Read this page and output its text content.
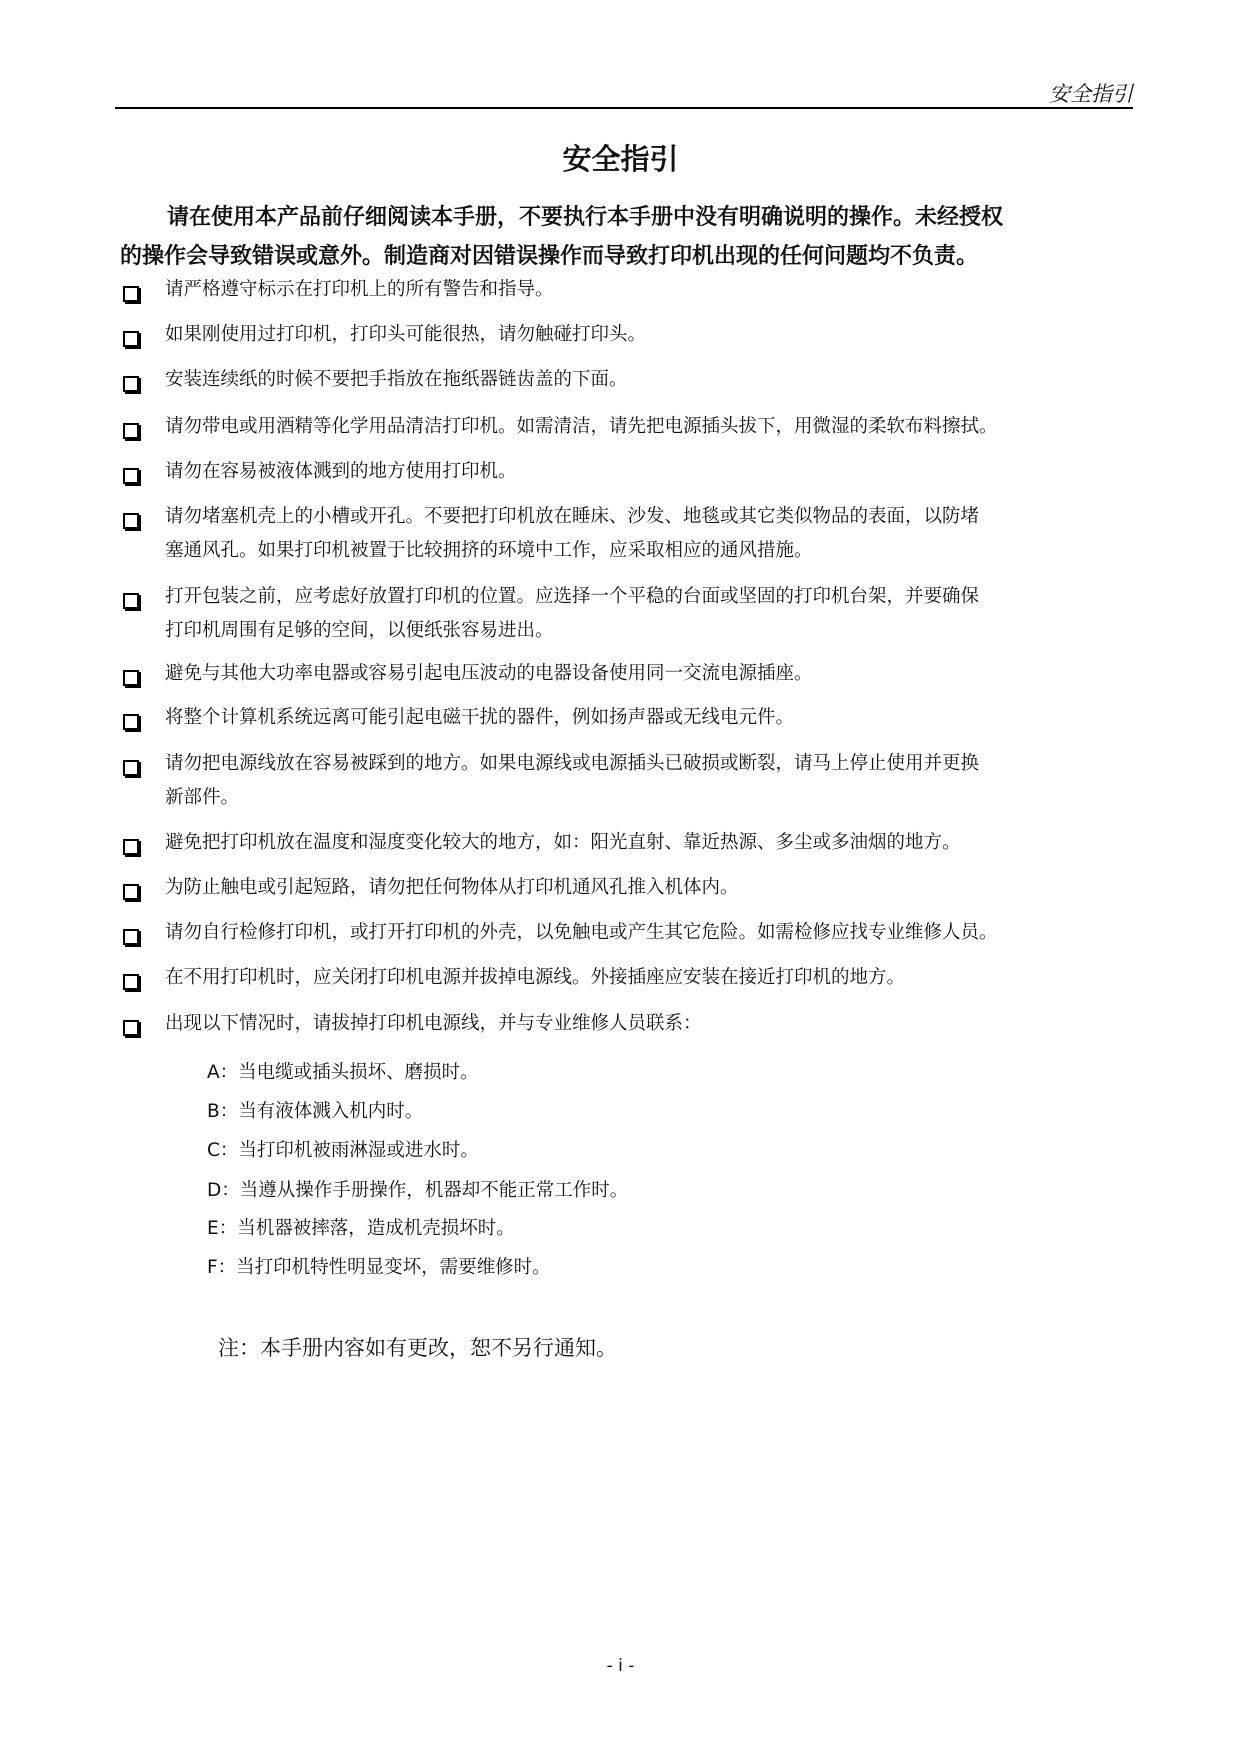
安全指引
安全指引
请在使用本产品前仔细阅读本手册，不要执行本手册中没有明确说明的操作。未经授权
的操作会导致错误或意外。制造商对因错误操作而导致打印机出现的任何问题均不负责。
请严格遵守标示在打印机上的所有警告和指导。
如果刚使用过打印机，打印头可能很热，请勿触碰打印头。
安装连续纸的时候不要把手指放在拖纸器链齿盖的下面。
请勿带电或用酒精等化学用品清洁打印机。如需清洁，请先把电源插头拔下，用微湿的柔软布料擦拭。
请勿在容易被液体溅到的地方使用打印机。
请勿堵塞机壳上的小槽或开孔。不要把打印机放在睡床、沙发、地毯或其它类似物品的表面，以防堵
塞通风孔。如果打印机被置于比较拥挤的环境中工作，应采取相应的通风措施。
打开包装之前，应考虑好放置打印机的位置。应选择一个平稳的台面或坚固的打印机台架，并要确保
打印机周围有足够的空间，以便纸张容易进出。
避免与其他大功率电器或容易引起电压波动的电器设备使用同一交流电源插座。
将整个计算机系统远离可能引起电磁干扰的器件，例如扬声器或无线电元件。
请勿把电源线放在容易被踩到的地方。如果电源线或电源插头已破损或断裂，请马上停止使用并更换
新部件。
避免把打印机放在温度和湿度变化较大的地方，如：阳光直射、靠近热源、多尘或多油烟的地方。
为防止触电或引起短路，请勿把任何物体从打印机通风孔推入机体内。
请勿自行检修打印机，或打开打印机的外壳，以免触电或产生其它危险。如需检修应找专业维修人员。
在不用打印机时，应关闭打印机电源并拔掉电源线。外接插座应安装在接近打印机的地方。
出现以下情况时，请拔掉打印机电源线，并与专业维修人员联系：
A：当电缆或插头损坏、磨损时。
B：当有液体溅入机内时。
C：当打印机被雨淋湿或进水时。
D：当遵从操作手册操作，机器却不能正常工作时。
E：当机器被摔落，造成机壳损坏时。
F：当打印机特性明显变坏，需要维修时。
注：本手册内容如有更改，恕不另行通知。
- i -
